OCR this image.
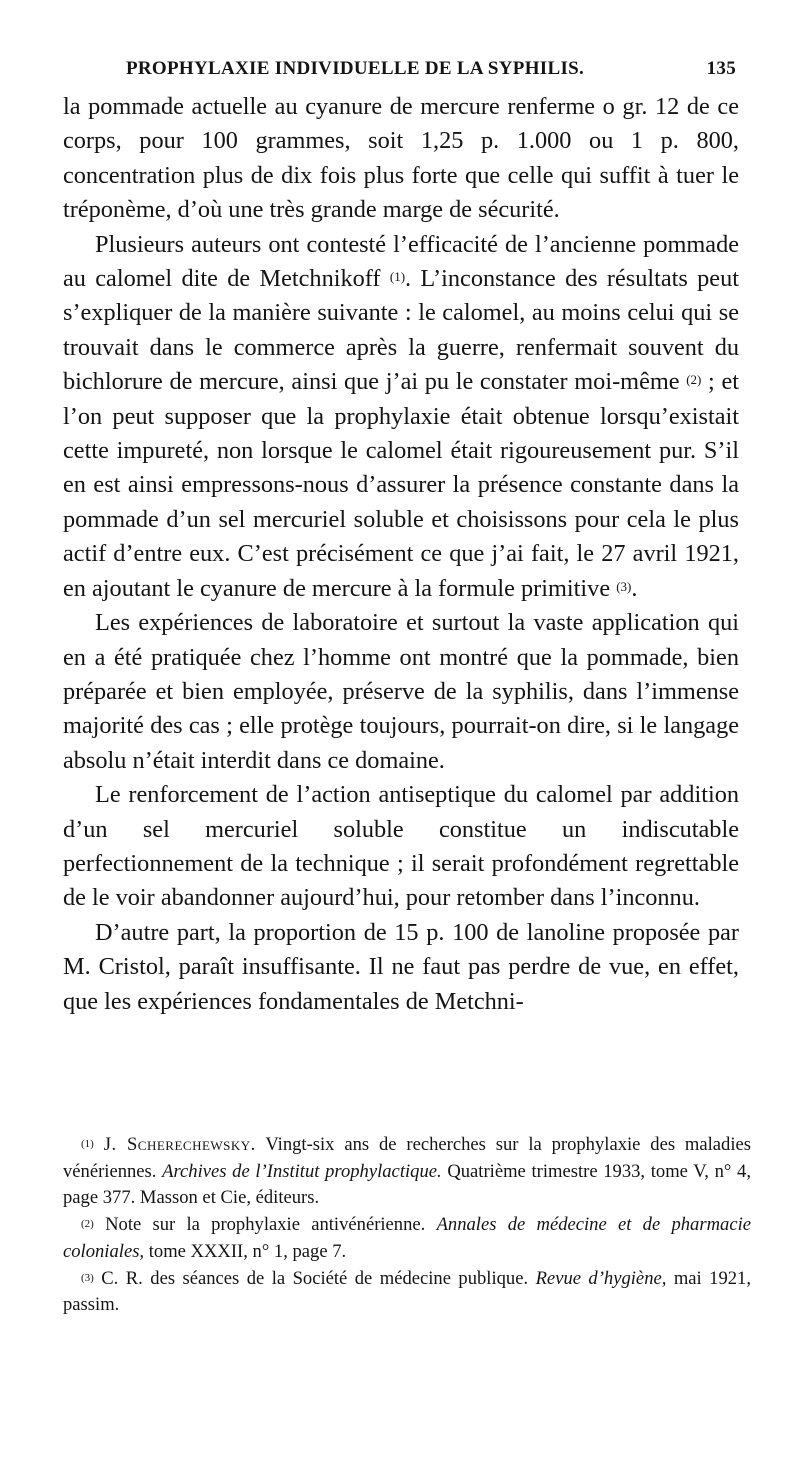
PROPHYLAXIE INDIVIDUELLE DE LA SYPHILIS.	135

la pommade actuelle au cyanure de mercure renferme o gr. 12 de ce corps, pour 100 grammes, soit 1,25 p. 1.000 ou 1 p. 800, concentration plus de dix fois plus forte que celle qui suffit à tuer le tréponème, d’où une très grande marge de sécurité.

Plusieurs auteurs ont contesté l’efficacité de l’ancienne pommade au calomel dite de Metchnikoff $^{(1)}$. L’inconstance des résultats peut s’expliquer de la manière suivante : le calomel, au moins celui qui se trouvait dans le commerce après la guerre, renfermait souvent du bichlorure de mercure, ainsi que j’ai pu le constater moi-même $^{(2)}$ ; et l’on peut supposer que la prophylaxie était obtenue lorsqu’existait cette impureté, non lorsque le calomel était rigoureusement pur. S’il en est ainsi empressons-nous d’assurer la présence constante dans la pommade d’un sel mercuriel soluble et choisissons pour cela le plus actif d’entre eux. C’est précisément ce que j’ai fait, le 27 avril 1921, en ajoutant le cyanure de mercure à la formule primitive $^{(3)}$.

Les expériences de laboratoire et surtout la vaste application qui en a été pratiquée chez l’homme ont montré que la pommade, bien préparée et bien employée, préserve de la syphilis, dans l’immense majorité des cas ; elle protège toujours, pourrait-on dire, si le langage absolu n’était interdit dans ce domaine.

Le renforcement de l’action antiseptique du calomel par addition d’un sel mercuriel soluble constitue un indiscutable perfectionnement de la technique ; il serait profondément regrettable de le voir abandonner aujourd’hui, pour retomber dans l’inconnu.

D’autre part, la proportion de 15 p. 100 de lanoline proposée par M. Cristol, paraît insuffisante. Il ne faut pas perdre de vue, en effet, que les expériences fondamentales de Metchni-

$^{(1)}$ J. Scherechewsky. Vingt-six ans de recherches sur la prophylaxie des maladies vénériennes. Archives de l’Institut prophylactique. Quatrième trimestre 1933, tome V, n° 4, page 377. Masson et Cie, éditeurs.

$^{(2)}$ Note sur la prophylaxie antivénérienne. Annales de médecine et de pharmacie coloniales, tome XXXII, n° 1, page 7.

$^{(3)}$ C. R. des séances de la Société de médecine publique. Revue d’hygiène, mai 1921, passim.
